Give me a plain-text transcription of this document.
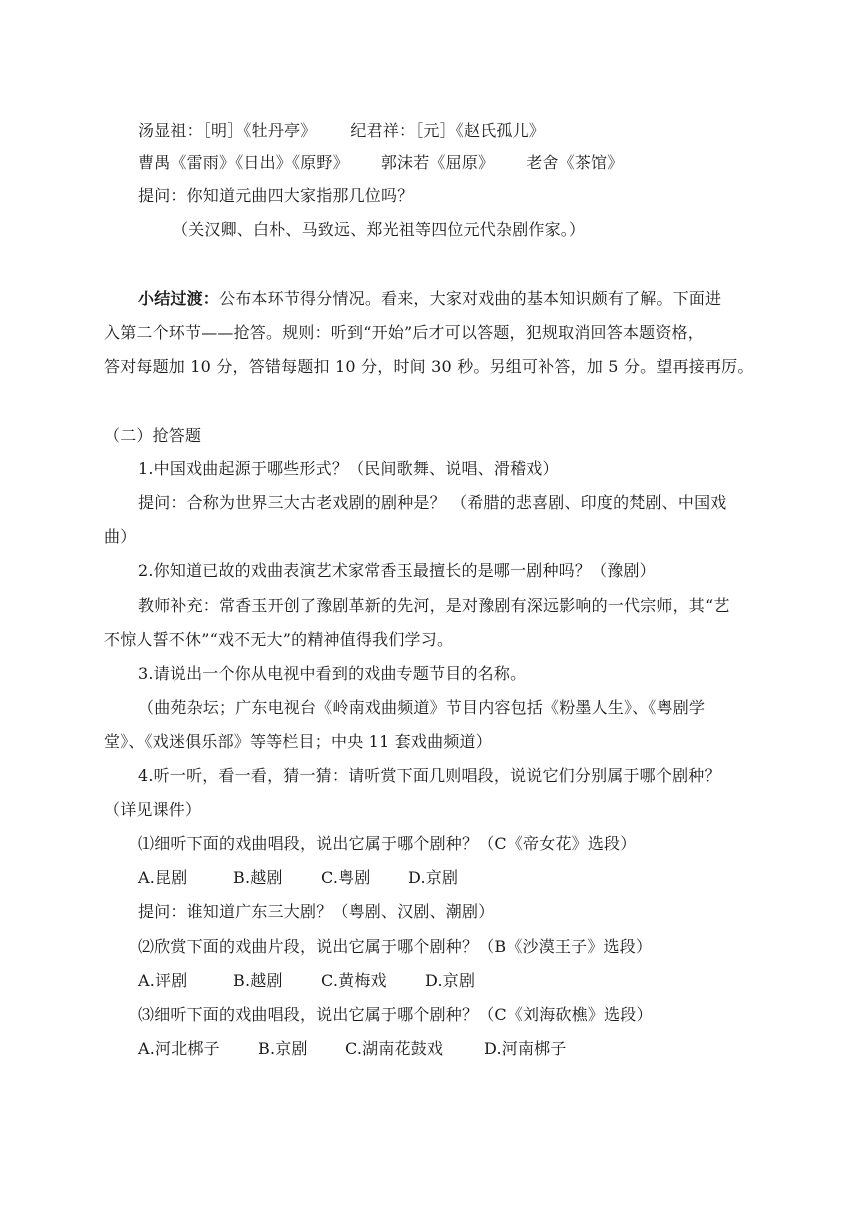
汤显祖：［明］《牡丹亭》 纪君祥：［元］《赵氏孤儿》
曹禺《雷雨》《日出》《原野》 郭沫若《屈原》 老舍《茶馆》
提问：你知道元曲四大家指那几位吗？
（关汉卿、白朴、马致远、郑光祖等四位元代杂剧作家。）
小结过渡：公布本环节得分情况。看来，大家对戏曲的基本知识颇有了解。下面进
入第二个环节——抢答。规则：听到“开始”后才可以答题，犯规取消回答本题资格，
答对每题加 10 分，答错每题扣 10 分，时间 30 秒。另组可补答，加 5 分。望再接再厉。
（二）抢答题
1.中国戏曲起源于哪些形式？（民间歌舞、说唱、滑稽戏）
提问：合称为世界三大古老戏剧的剧种是？ （希腊的悲喜剧、印度的梵剧、中国戏
曲）
2.你知道已故的戏曲表演艺术家常香玉最擅长的是哪一剧种吗？（豫剧）
教师补充：常香玉开创了豫剧革新的先河，是对豫剧有深远影响的一代宗师，其“艺
不惊人誓不休”“戏不无大”的精神值得我们学习。
3.请说出一个你从电视中看到的戏曲专题节目的名称。
（曲苑杂坛；广东电视台《岭南戏曲频道》节目内容包括《粉墨人生》、《粤剧学
堂》、《戏迷俱乐部》等等栏目；中央 11 套戏曲频道）
4.听一听，看一看，猜一猜：请听赏下面几则唱段，说说它们分别属于哪个剧种？
（详见课件）
⑴细听下面的戏曲唱段，说出它属于哪个剧种？（C《帝女花》选段）
A.昆剧	B.越剧 C.粤剧 D.京剧
提问：谁知道广东三大剧？（粤剧、汉剧、潮剧）
⑵欣赏下面的戏曲片段，说出它属于哪个剧种？（B《沙漠王子》选段）
A.评剧	B.越剧 C.黄梅戏 D.京剧
⑶细听下面的戏曲唱段，说出它属于哪个剧种？（C《刘海砍樵》选段）
A.河北梆子 B.京剧 C.湖南花鼓戏	D.河南梆子
